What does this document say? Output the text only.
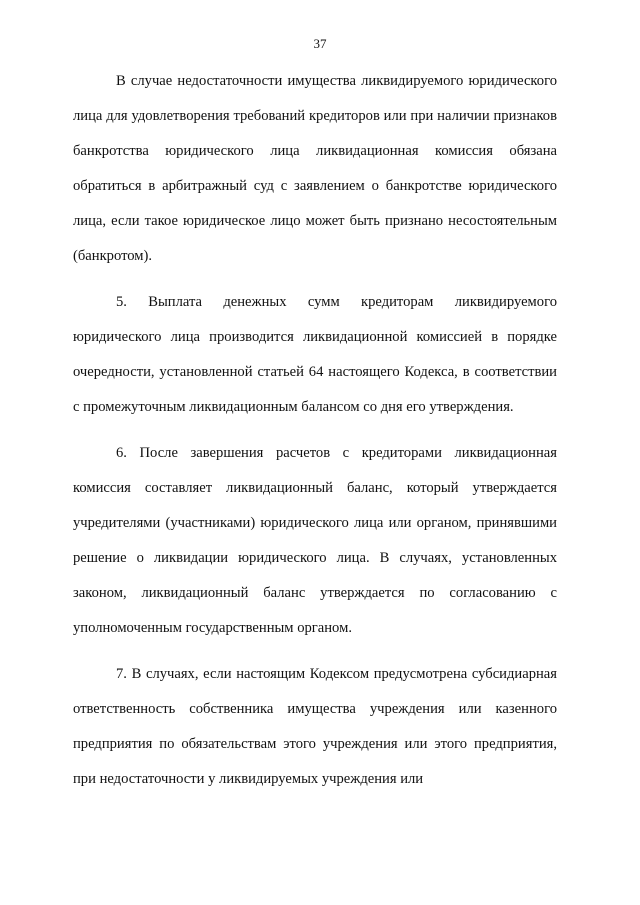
37

В случае недостаточности имущества ликвидируемого юридического лица для удовлетворения требований кредиторов или при наличии признаков банкротства юридического лица ликвидационная комиссия обязана обратиться в арбитражный суд с заявлением о банкротстве юридического лица, если такое юридическое лицо может быть признано несостоятельным (банкротом).

5. Выплата денежных сумм кредиторам ликвидируемого юридического лица производится ликвидационной комиссией в порядке очередности, установленной статьей 64 настоящего Кодекса, в соответствии с промежуточным ликвидационным балансом со дня его утверждения.

6. После завершения расчетов с кредиторами ликвидационная комиссия составляет ликвидационный баланс, который утверждается учредителями (участниками) юридического лица или органом, принявшими решение о ликвидации юридического лица. В случаях, установленных законом, ликвидационный баланс утверждается по согласованию с уполномоченным государственным органом.

7. В случаях, если настоящим Кодексом предусмотрена субсидиарная ответственность собственника имущества учреждения или казенного предприятия по обязательствам этого учреждения или этого предприятия, при недостаточности у ликвидируемых учреждения или
